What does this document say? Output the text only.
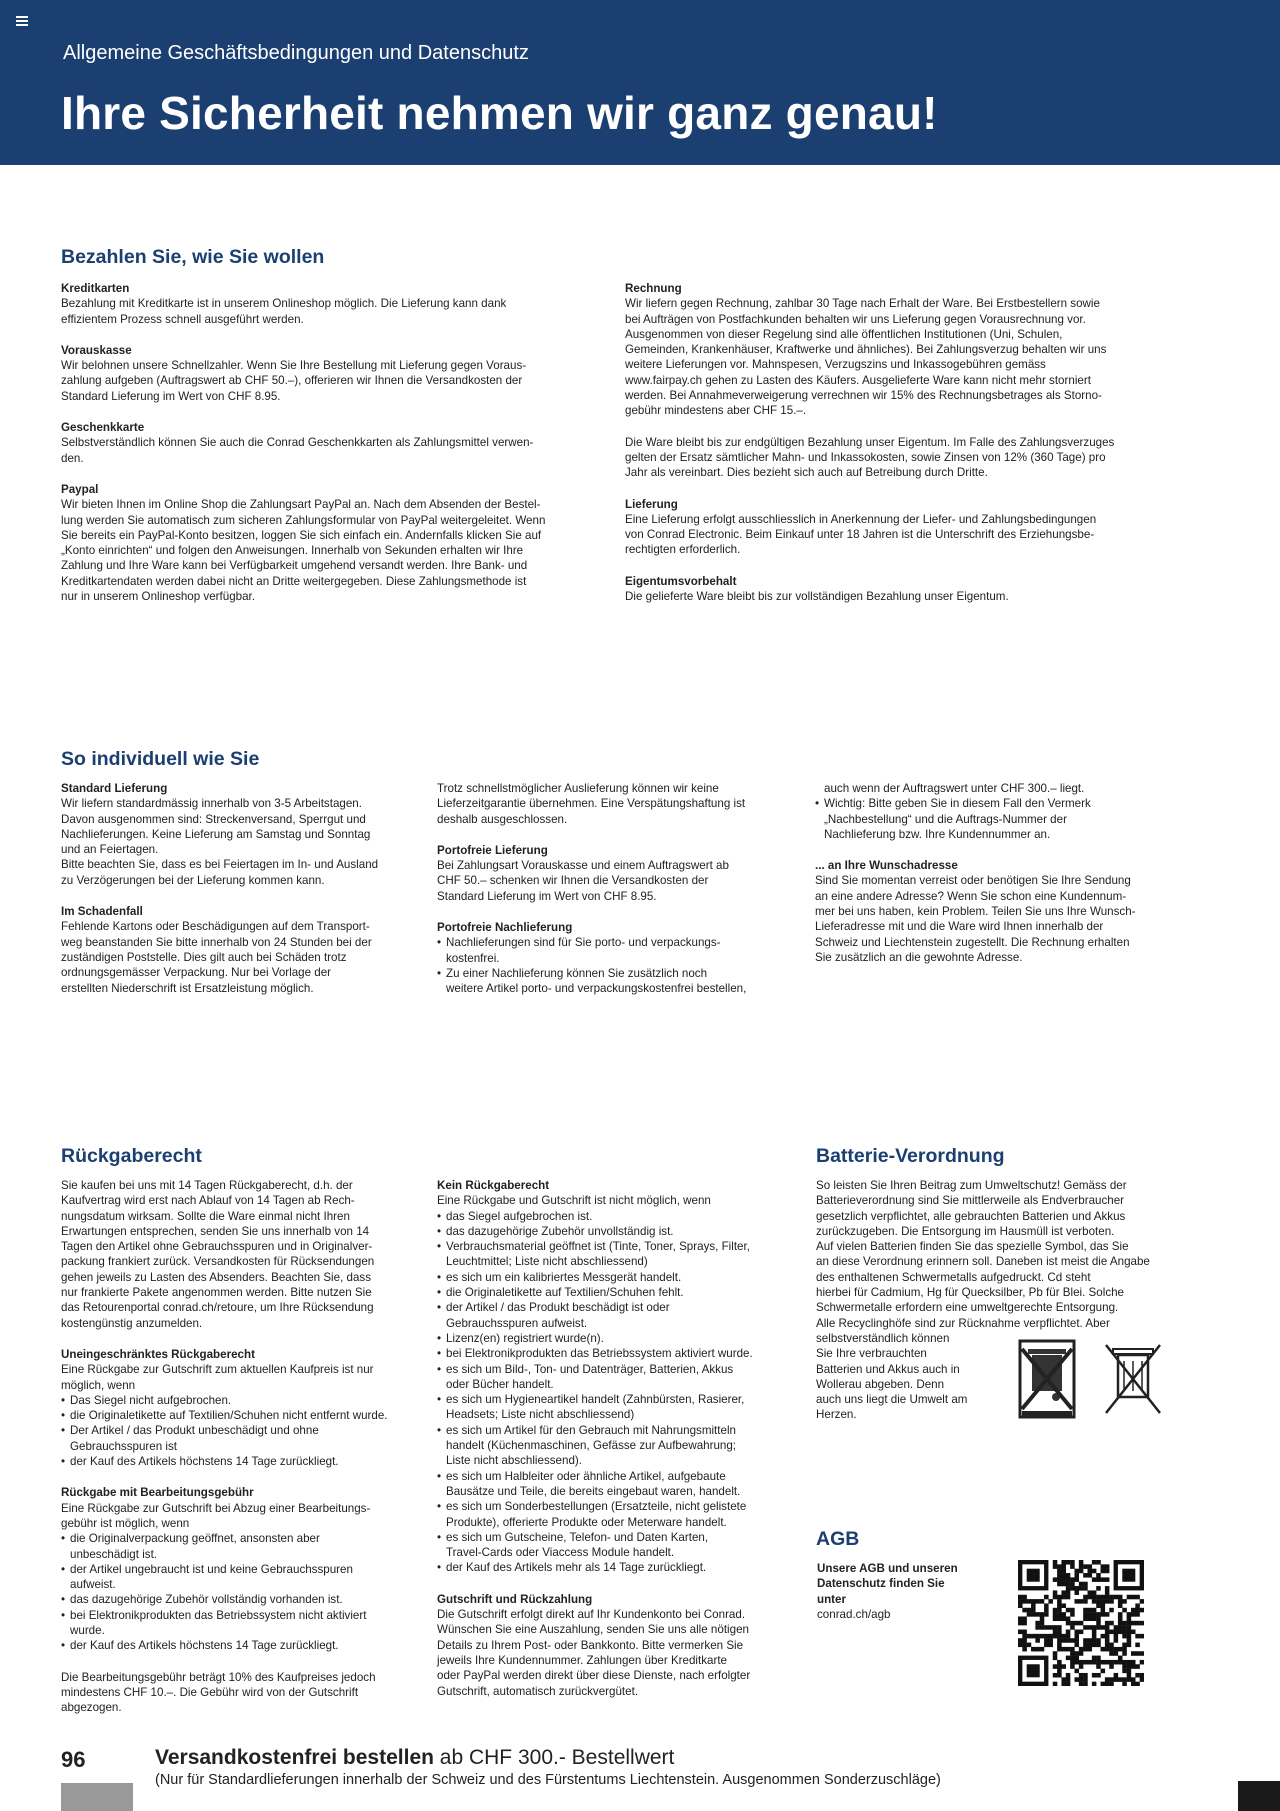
Allgemeine Geschäftsbedingungen und Datenschutz
Ihre Sicherheit nehmen wir ganz genau!
Bezahlen Sie, wie Sie wollen

Kreditkarten
Bezahlung mit Kreditkarte ist in unserem Onlineshop möglich. Die Lieferung kann dank
effizientem Prozess schnell ausgeführt werden.

Vorauskasse
Wir belohnen unsere Schnellzahler. Wenn Sie Ihre Bestellung mit Lieferung gegen Voraus-
zahlung aufgeben (Auftragswert ab CHF 50.–), offerieren wir Ihnen die Versandkosten der
Standard Lieferung im Wert von CHF 8.95.

Geschenkkarte
Selbstverständlich können Sie auch die Conrad Geschenkkarten als Zahlungsmittel verwen-
den.

Paypal
Wir bieten Ihnen im Online Shop die Zahlungsart PayPal an. Nach dem Absenden der Bestel-
lung werden Sie automatisch zum sicheren Zahlungsformular von PayPal weitergeleitet. Wenn
Sie bereits ein PayPal-Konto besitzen, loggen Sie sich einfach ein. Andernfalls klicken Sie auf
„Konto einrichten“ und folgen den Anweisungen. Innerhalb von Sekunden erhalten wir Ihre
Zahlung und Ihre Ware kann bei Verfügbarkeit umgehend versandt werden. Ihre Bank- und
Kreditkartendaten werden dabei nicht an Dritte weitergegeben. Diese Zahlungsmethode ist
nur in unserem Onlineshop verfügbar.

Rechnung
Wir liefern gegen Rechnung, zahlbar 30 Tage nach Erhalt der Ware. Bei Erstbestellern sowie
bei Aufträgen von Postfachkunden behalten wir uns Lieferung gegen Vorausrechnung vor.
Ausgenommen von dieser Regelung sind alle öffentlichen Institutionen (Uni, Schulen,
Gemeinden, Krankenhäuser, Kraftwerke und ähnliches). Bei Zahlungsverzug behalten wir uns
weitere Lieferungen vor. Mahnspesen, Verzugszins und Inkassogebühren gemäss
www.fairpay.ch gehen zu Lasten des Käufers. Ausgelieferte Ware kann nicht mehr storniert
werden. Bei Annahmeverweigerung verrechnen wir 15% des Rechnungsbetrages als Storno-
gebühr mindestens aber CHF 15.–.

Die Ware bleibt bis zur endgültigen Bezahlung unser Eigentum. Im Falle des Zahlungsverzuges
gelten der Ersatz sämtlicher Mahn- und Inkassokosten, sowie Zinsen von 12% (360 Tage) pro
Jahr als vereinbart. Dies bezieht sich auch auf Betreibung durch Dritte.

Lieferung
Eine Lieferung erfolgt ausschliesslich in Anerkennung der Liefer- und Zahlungsbedingungen
von Conrad Electronic. Beim Einkauf unter 18 Jahren ist die Unterschrift des Erziehungsbe-
rechtigten erforderlich.

Eigentumsvorbehalt
Die gelieferte Ware bleibt bis zur vollständigen Bezahlung unser Eigentum.

So individuell wie Sie

Standard Lieferung
Wir liefern standardmässig innerhalb von 3-5 Arbeitstagen.
Davon ausgenommen sind: Streckenversand, Sperrgut und
Nachlieferungen. Keine Lieferung am Samstag und Sonntag
und an Feiertagen.
Bitte beachten Sie, dass es bei Feiertagen im In- und Ausland
zu Verzögerungen bei der Lieferung kommen kann.

Im Schadenfall
Fehlende Kartons oder Beschädigungen auf dem Transport-
weg beanstanden Sie bitte innerhalb von 24 Stunden bei der
zuständigen Poststelle. Dies gilt auch bei Schäden trotz
ordnungsgemässer Verpackung. Nur bei Vorlage der
erstellten Niederschrift ist Ersatzleistung möglich.

Trotz schnellstmöglicher Auslieferung können wir keine
Lieferzeitgarantie übernehmen. Eine Verspätungshaftung ist
deshalb ausgeschlossen.

Portofreie Lieferung
Bei Zahlungsart Vorauskasse und einem Auftragswert ab
CHF 50.– schenken wir Ihnen die Versandkosten der
Standard Lieferung im Wert von CHF 8.95.

Portofreie Nachlieferung
• Nachlieferungen sind für Sie porto- und verpackungs-
kostenfrei.
• Zu einer Nachlieferung können Sie zusätzlich noch
weitere Artikel porto- und verpackungskostenfrei bestellen,
auch wenn der Auftragswert unter CHF 300.– liegt.
• Wichtig: Bitte geben Sie in diesem Fall den Vermerk
„Nachbestellung“ und die Auftrags-Nummer der
Nachlieferung bzw. Ihre Kundennummer an.

... an Ihre Wunschadresse
Sind Sie momentan verreist oder benötigen Sie Ihre Sendung
an eine andere Adresse? Wenn Sie schon eine Kundennum-
mer bei uns haben, kein Problem. Teilen Sie uns Ihre Wunsch-
Lieferadresse mit und die Ware wird Ihnen innerhalb der
Schweiz und Liechtenstein zugestellt. Die Rechnung erhalten
Sie zusätzlich an die gewohnte Adresse.

Rückgaberecht

Sie kaufen bei uns mit 14 Tagen Rückgaberecht, d.h. der
Kaufvertrag wird erst nach Ablauf von 14 Tagen ab Rech-
nungsdatum wirksam. Sollte die Ware einmal nicht Ihren
Erwartungen entsprechen, senden Sie uns innerhalb von 14
Tagen den Artikel ohne Gebrauchsspuren und in Originalver-
packung frankiert zurück. Versandkosten für Rücksendungen
gehen jeweils zu Lasten des Absenders. Beachten Sie, dass
nur frankierte Pakete angenommen werden. Bitte nutzen Sie
das Retourenportal conrad.ch/retoure, um Ihre Rücksendung
kostengünstig anzumelden.

Uneingeschränktes Rückgaberecht
Eine Rückgabe zur Gutschrift zum aktuellen Kaufpreis ist nur
möglich, wenn
• Das Siegel nicht aufgebrochen.
• die Originaletikette auf Textilien/Schuhen nicht entfernt wurde.
• Der Artikel / das Produkt unbeschädigt und ohne
Gebrauchsspuren ist
• der Kauf des Artikels höchstens 14 Tage zurückliegt.
Rückgabe mit Bearbeitungsgebühr
Eine Rückgabe zur Gutschrift bei Abzug einer Bearbeitungs-
gebühr ist möglich, wenn
• die Originalverpackung geöffnet, ansonsten aber
unbeschädigt ist.
• der Artikel ungebraucht ist und keine Gebrauchsspuren
aufweist.
• das dazugehörige Zubehör vollständig vorhanden ist.
• bei Elektronikprodukten das Betriebssystem nicht aktiviert
wurde.
• der Kauf des Artikels höchstens 14 Tage zurückliegt.

Die Bearbeitungsgebühr beträgt 10% des Kaufpreises jedoch
mindestens CHF 10.–. Die Gebühr wird von der Gutschrift
abgezogen.

Kein Rückgaberecht
Eine Rückgabe und Gutschrift ist nicht möglich, wenn
• das Siegel aufgebrochen ist.
• das dazugehörige Zubehör unvollständig ist.
• Verbrauchsmaterial geöffnet ist (Tinte, Toner, Sprays, Filter,
Leuchtmittel; Liste nicht abschliessend)
• es sich um ein kalibriertes Messgerät handelt.
• die Originaletikette auf Textilien/Schuhen fehlt.
• der Artikel / das Produkt beschädigt ist oder
Gebrauchsspuren aufweist.
• Lizenz(en) registriert wurde(n).
• bei Elektronikprodukten das Betriebssystem aktiviert wurde.
• es sich um Bild-, Ton- und Datenträger, Batterien, Akkus
oder Bücher handelt.
• es sich um Hygieneartikel handelt (Zahnbürsten, Rasierer,
Headsets; Liste nicht abschliessend)
• es sich um Artikel für den Gebrauch mit Nahrungsmitteln
handelt (Küchenmaschinen, Gefässe zur Aufbewahrung;
Liste nicht abschliessend).
• es sich um Halbleiter oder ähnliche Artikel, aufgebaute
Bausätze und Teile, die bereits eingebaut waren, handelt.
• es sich um Sonderbestellungen (Ersatzteile, nicht gelistete
Produkte), offerierte Produkte oder Meterware handelt.
• es sich um Gutscheine, Telefon- und Daten Karten,
Travel-Cards oder Viaccess Module handelt.
• der Kauf des Artikels mehr als 14 Tage zurückliegt.

Gutschrift und Rückzahlung
Die Gutschrift erfolgt direkt auf Ihr Kundenkonto bei Conrad.
Wünschen Sie eine Auszahlung, senden Sie uns alle nötigen
Details zu Ihrem Post- oder Bankkonto. Bitte vermerken Sie
jeweils Ihre Kundennummer. Zahlungen über Kreditkarte
oder PayPal werden direkt über diese Dienste, nach erfolgter
Gutschrift, automatisch zurückvergütet.

Batterie-Verordnung
So leisten Sie Ihren Beitrag zum Umweltschutz! Gemäss der
Batterieverordnung sind Sie mittlerweile als Endverbraucher
gesetzlich verpflichtet, alle gebrauchten Batterien und Akkus
zurückzugeben. Die Entsorgung im Hausmüll ist verboten.
Auf vielen Batterien finden Sie das spezielle Symbol, das Sie
an diese Verordnung erinnern soll. Daneben ist meist die Angabe
des enthaltenen Schwermetalls aufgedruckt. Cd steht
hierbei für Cadmium, Hg für Quecksilber, Pb für Blei. Solche
Schwermetalle erfordern eine umweltgerechte Entsorgung.
Alle Recyclinghöfe sind zur Rücknahme verpflichtet. Aber
selbstverständlich können
Sie Ihre verbrauchten
Batterien und Akkus auch in
Wollerau abgeben. Denn
auch uns liegt die Umwelt am
Herzen.
AGB
Unsere AGB und unseren
Datenschutz finden Sie
unter
conrad.ch/agb
96	Versandkostenfrei bestellen ab CHF 300.- Bestellwert
(Nur für Standardlieferungen innerhalb der Schweiz und des Fürstentums Liechtenstein. Ausgenommen Sonderzuschläge)
